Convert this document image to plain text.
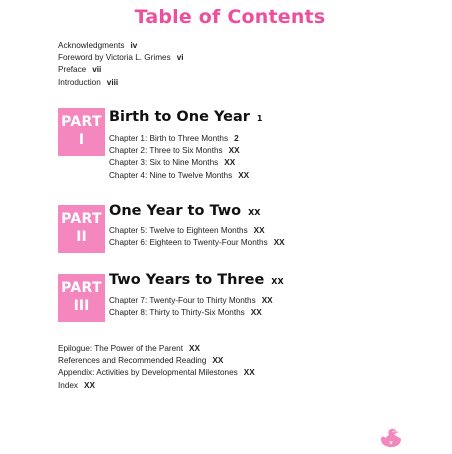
Table of Contents
Acknowledgments iv
Foreword by Victoria L. Grimes vi
Preface vii
Introduction viii
PART
I
Birth to One Year 1
Chapter 1: Birth to Three Months 2
Chapter 2: Three to Six Months XX
Chapter 3: Six to Nine Months XX
Chapter 4: Nine to Twelve Months XX
PART
II
One Year to Two XX
Chapter 5: Twelve to Eighteen Months XX
Chapter 6: Eighteen to Twenty-Four Months XX
PART
III
Two Years to Three XX
Chapter 7: Twenty-Four to Thirty Months XX
Chapter 8: Thirty to Thirty-Six Months XX
Epilogue: The Power of the Parent XX
References and Recommended Reading XX
Appendix: Activities by Developmental Milestones XX
Index XX
v
